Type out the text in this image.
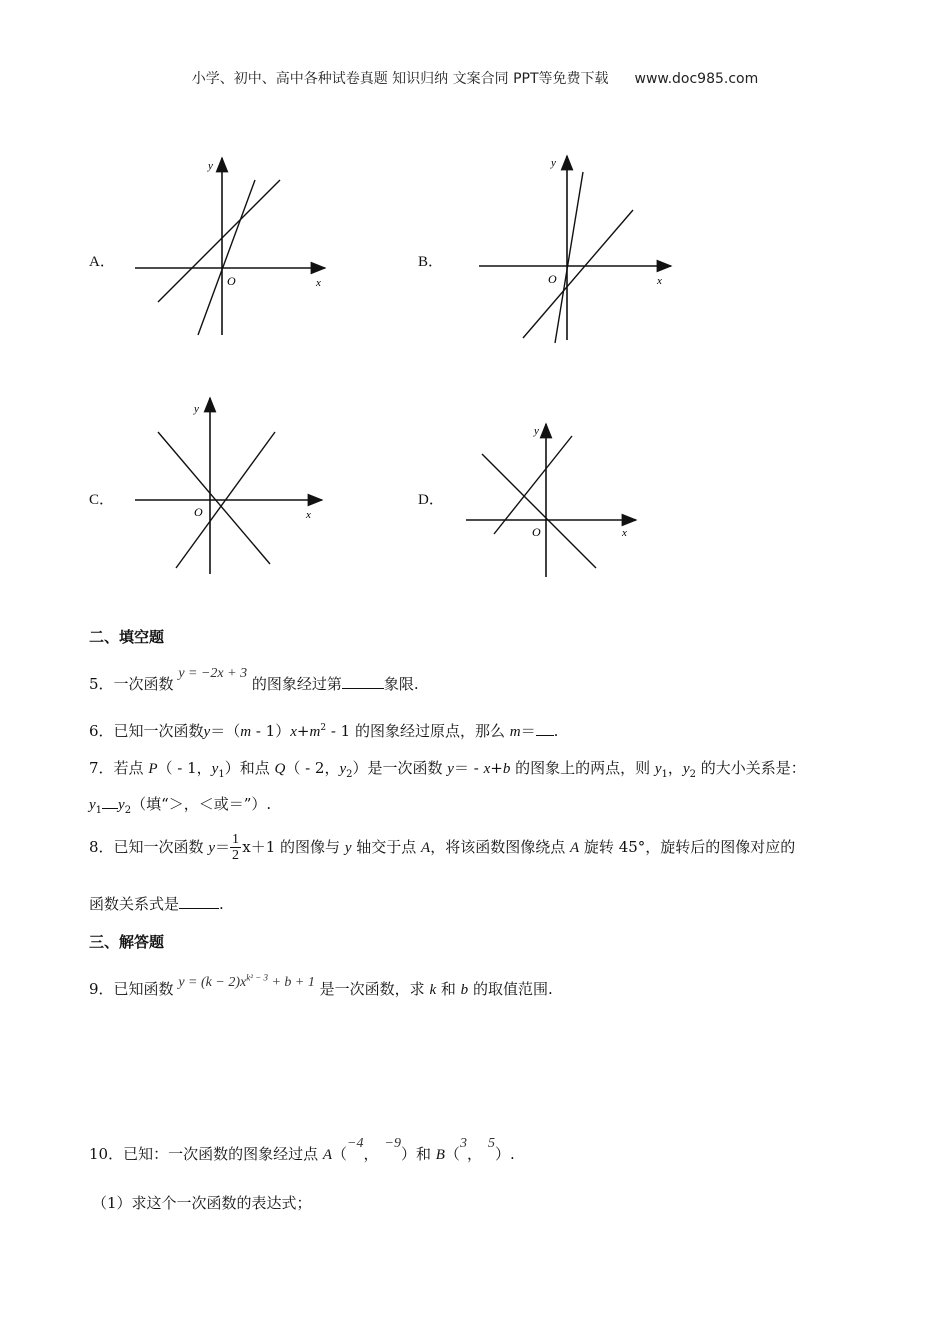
小学、初中、高中各种试卷真题 知识归纳 文案合同 PPT等免费下载 www.doc985.com
A．
y
x
O
B．
y
x
O
C．
y
x
O
D．
y
x
O
二、填空题
5．一次函数 y = −2x + 3 的图象经过第	象限.
6．已知一次函数$y=(m - 1)x+m^2 - 1$ 的图象经过原点，那么 m＝ .
7．若点 P（ - 1，$y_1$）和点 Q（ - 2，$y_2$）是一次函数 y＝ - x+b 的图象上的两点，则 $y_1$，$y_2$ 的大小关系是：
$y_1$ $y_2$（填“＞，＜或＝”）.
8．已知一次函数 $y= \frac{1}{2}$
  x＋1 的图像与 y 轴交于点 A，将该函数图像绕点 A 旋转 45°，旋转后的图像对应的
函数关系式是	.
三、解答题
9．已知函数 $y = (k - 2)x^{k^2 - 3} + b + 1$ 是一次函数，求 k 和 b 的取值范围.
10．已知：一次函数的图象经过点 A（−4，−9）和 B（3，5）.
（1）求这个一次函数的表达式；
